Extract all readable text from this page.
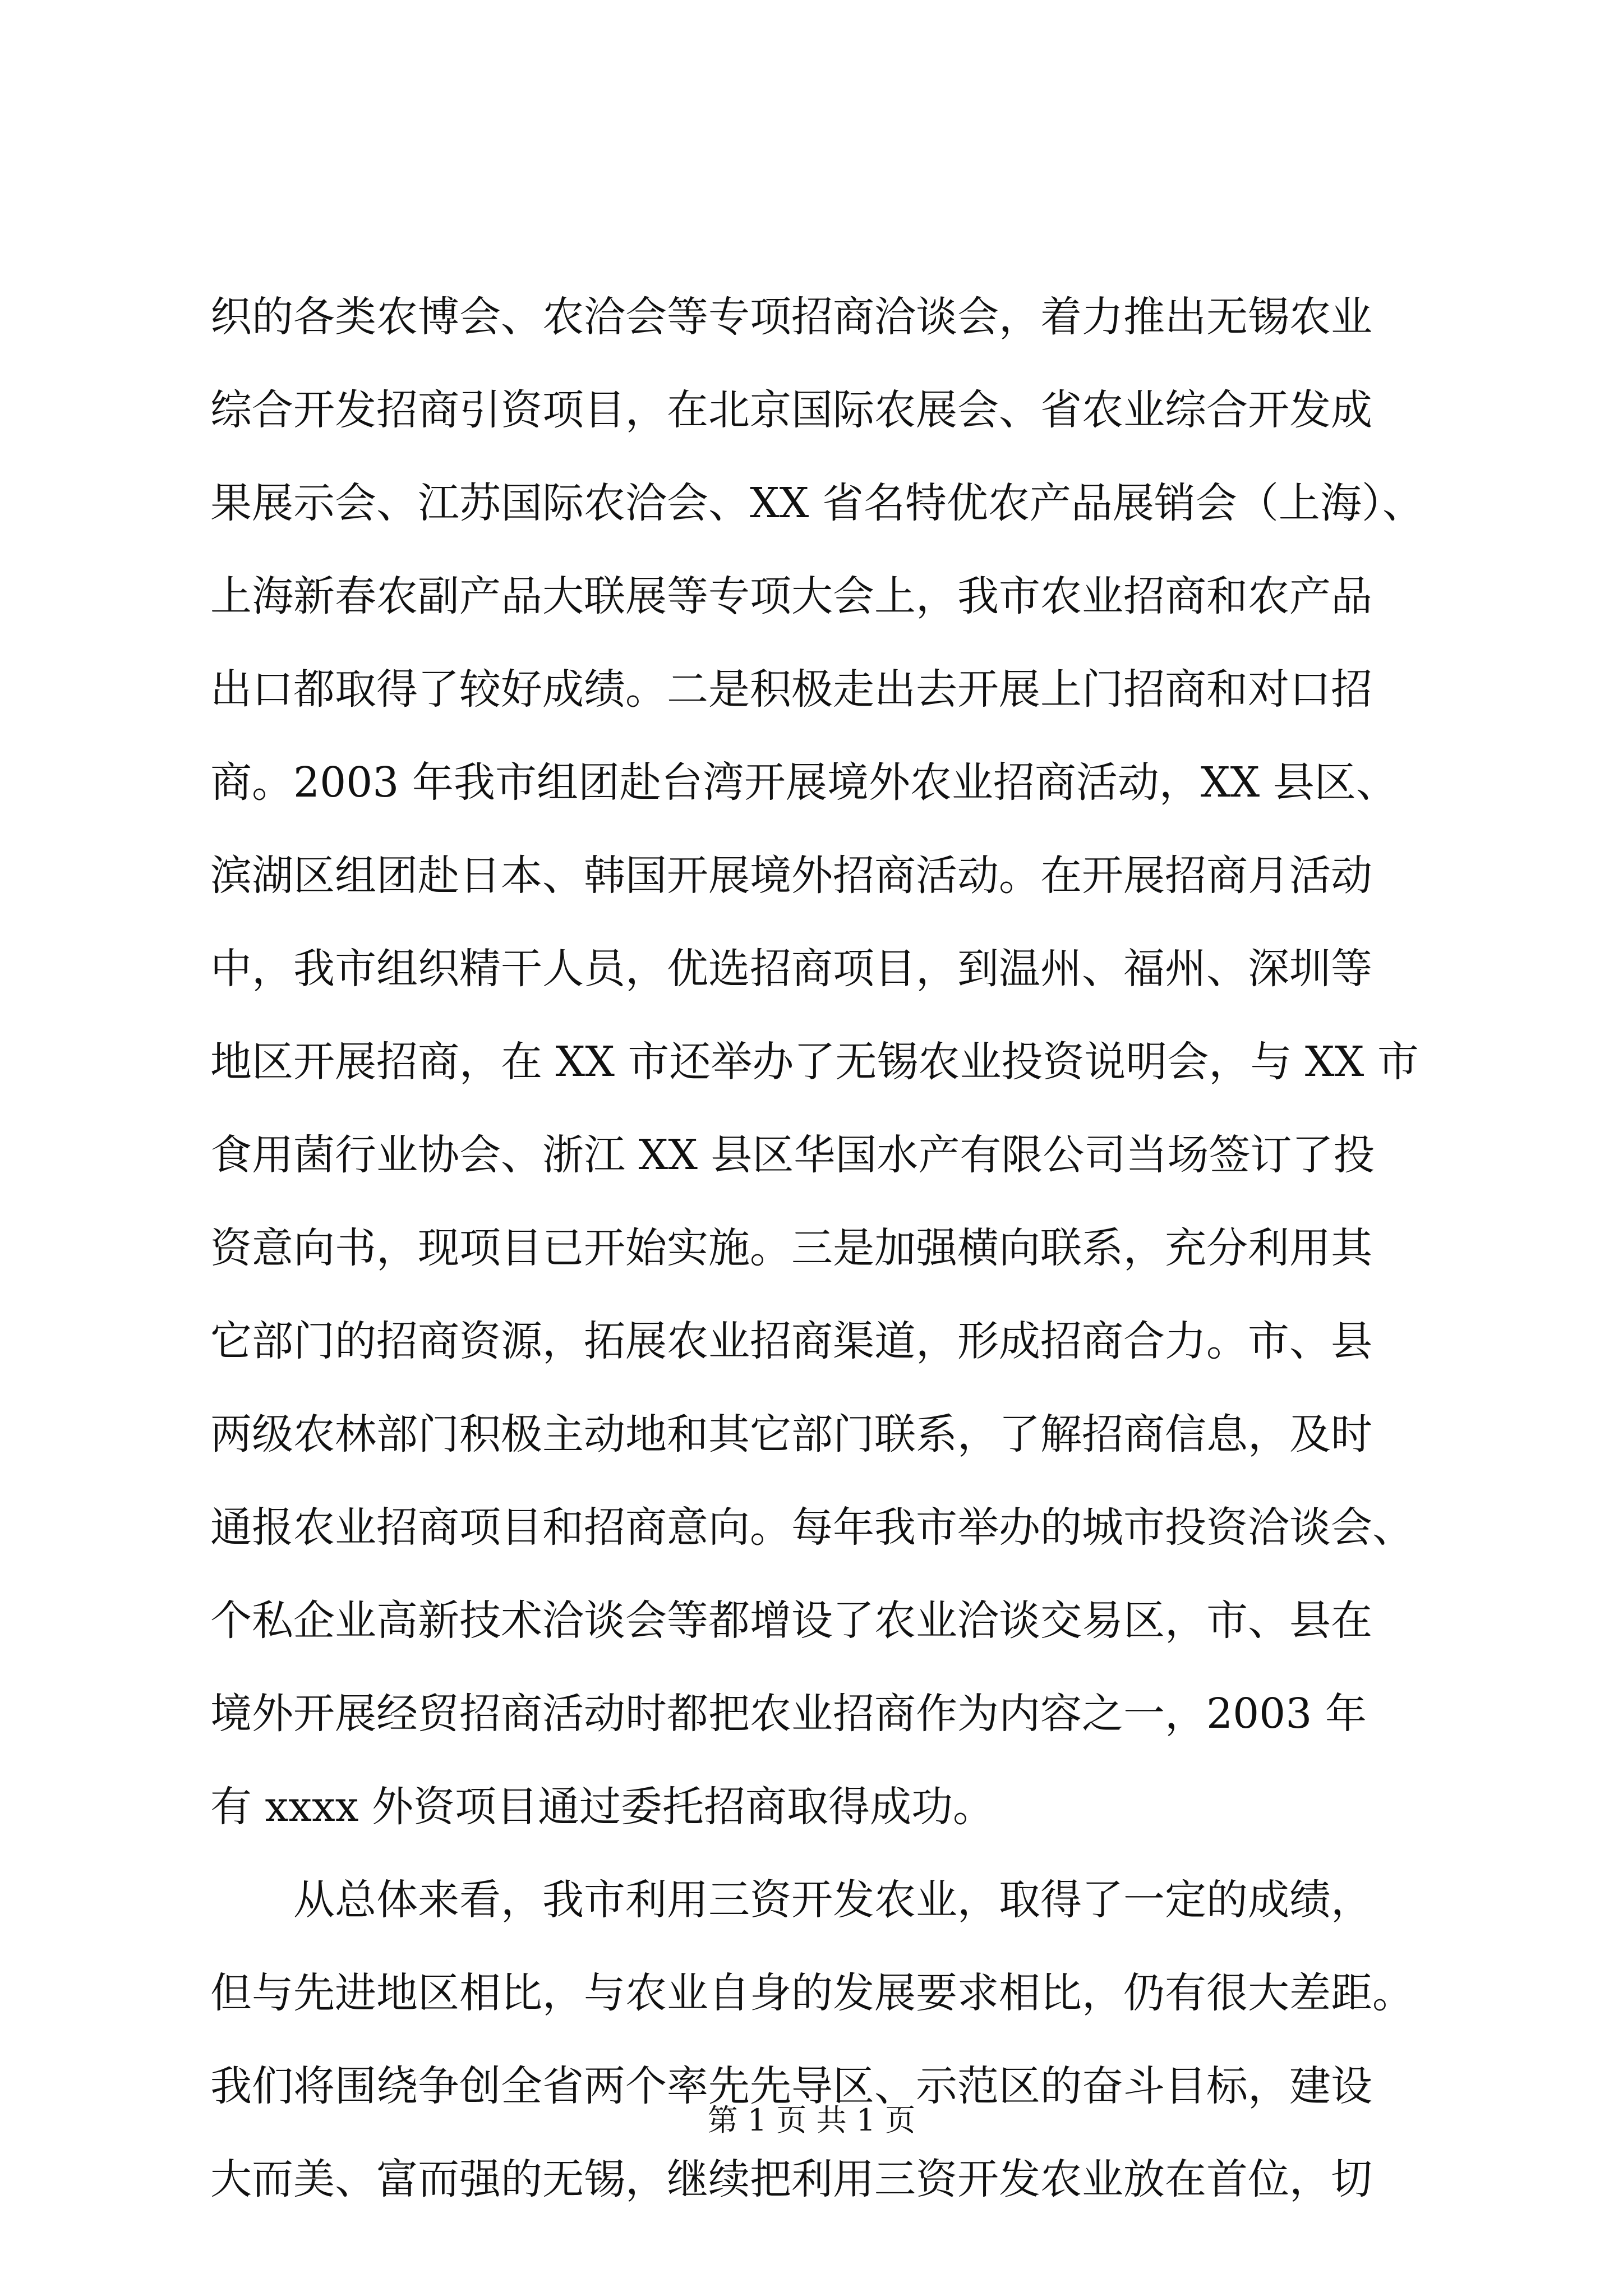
织的各类农博会、农洽会等专项招商洽谈会，着力推出无锡农业
综合开发招商引资项目，在北京国际农展会、省农业综合开发成
果展示会、江苏国际农洽会、XX 省名特优农产品展销会（上海）、
上海新春农副产品大联展等专项大会上，我市农业招商和农产品
出口都取得了较好成绩。二是积极走出去开展上门招商和对口招
商。2003 年我市组团赴台湾开展境外农业招商活动，XX 县区、
滨湖区组团赴日本、韩国开展境外招商活动。在开展招商月活动
中，我市组织精干人员，优选招商项目，到温州、福州、深圳等
地区开展招商，在 XX 市还举办了无锡农业投资说明会，与 XX 市
食用菌行业协会、浙江 XX 县区华国水产有限公司当场签订了投
资意向书，现项目已开始实施。三是加强横向联系，充分利用其
它部门的招商资源，拓展农业招商渠道，形成招商合力。市、县
两级农林部门积极主动地和其它部门联系，了解招商信息，及时
通报农业招商项目和招商意向。每年我市举办的城市投资洽谈会、
个私企业高新技术洽谈会等都增设了农业洽谈交易区，市、县在
境外开展经贸招商活动时都把农业招商作为内容之一，2003 年
有 xxxx 外资项目通过委托招商取得成功。
　　从总体来看，我市利用三资开发农业，取得了一定的成绩，
但与先进地区相比，与农业自身的发展要求相比，仍有很大差距。
我们将围绕争创全省两个率先先导区、示范区的奋斗目标，建设
大而美、富而强的无锡，继续把利用三资开发农业放在首位，切
第 1 页 共 1 页
